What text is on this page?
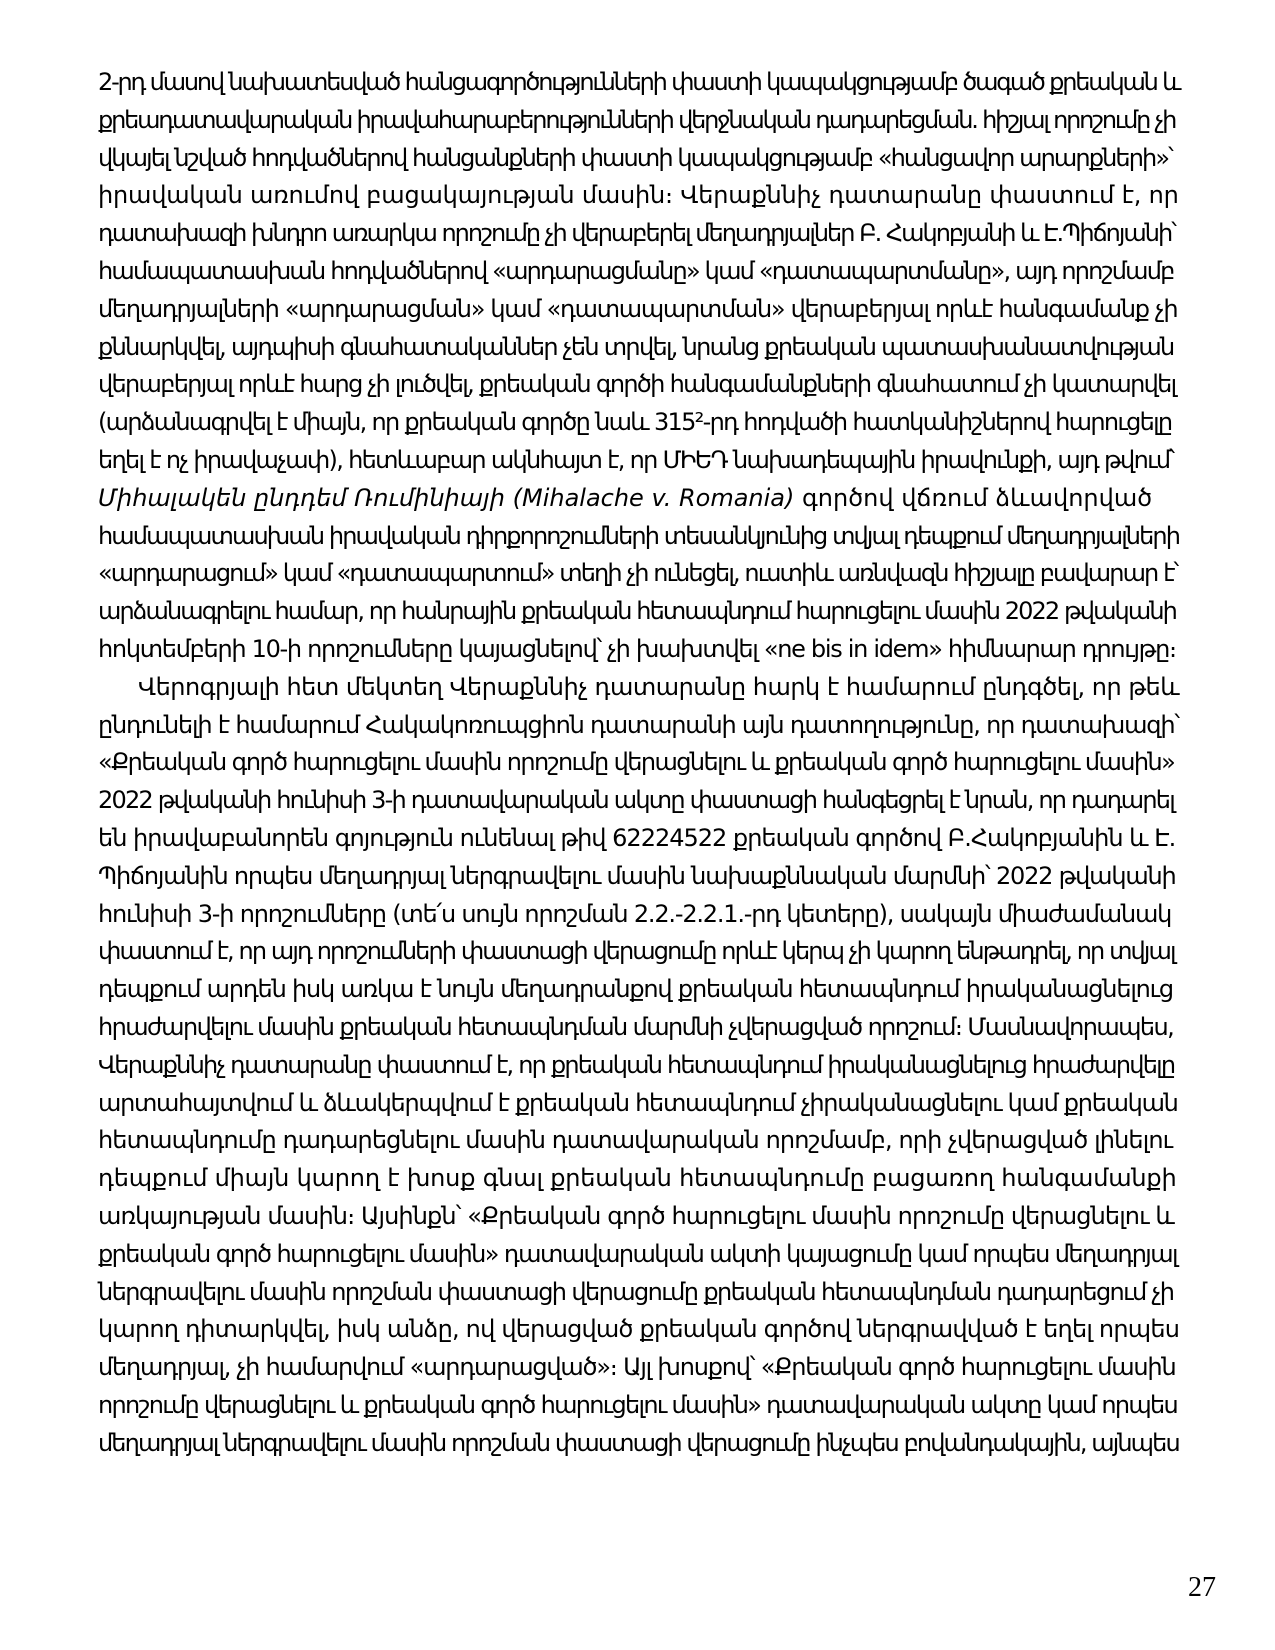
2-րդ մասով նախատեսված հանցագործությունների փաստի կապակցությամբ ծագած քրեական և
քրեադատավարական իրավահարաբերությունների վերջնական դադարեցման. հիշյալ որոշումը չի
վկայել նշված հոդվածներով հանցանքների փաստի կապակցությամբ «հանցավոր արարքների»՝
իրավական առումով բացակայության մասին։ Վերաքննիչ դատարանը փաստում է, որ
դատախազի խնդրո առարկա որոշումը չի վերաբերել մեղադրյալներ Բ. Հակոբյանի և Է.Պիճոյանի՝
համապատասխան հոդվածներով «արդարացմանը» կամ «դատապարտմանը», այդ որոշմամբ
մեղադրյալների «արդարացման» կամ «դատապարտման» վերաբերյալ որևէ հանգամանք չի
քննարկվել, այդպիսի գնահատականներ չեն տրվել, նրանց քրեական պատասխանատվության
վերաբերյալ որևէ հարց չի լուծվել, քրեական գործի հանգամանքների գնահատում չի կատարվել
(արձանագրվել է միայն, որ քրեական գործը նաև 315²-րդ հոդվածի հատկանիշներով հարուցելը
եղել է ոչ իրավաչափ), հետևաբար ակնհայտ է, որ ՄԻԵԴ նախադեպային իրավունքի, այդ թվում՝
Միհալակեն ընդդեմ Ռումինիայի (Mihalache v. Romania) գործով վճռում ձևավորված
համապատասխան իրավական դիրքորոշումների տեսանկյունից տվյալ դեպքում մեղադրյալների
«արդարացում» կամ «դատապարտում» տեղի չի ունեցել, ուստիև առնվազն հիշյալը բավարար է՝
արձանագրելու համար, որ հանրային քրեական հետապնդում հարուցելու մասին 2022 թվականի
հոկտեմբերի 10-ի որոշումները կայացնելով՝ չի խախտվել «ne bis in idem» հիմնարար դրույթը։
Վերոգրյալի հետ մեկտեղ Վերաքննիչ դատարանը հարկ է համարում ընդգծել, որ թեև
ընդունելի է համարում Հակակոռուպցիոն դատարանի այն դատողությունը, որ դատախազի՝
«Քրեական գործ հարուցելու մասին որոշումը վերացնելու և քրեական գործ հարուցելու մասին»
2022 թվականի հունիսի 3-ի դատավարական ակտը փաստացի հանգեցրել է նրան, որ դադարել
են իրավաբանորեն գոյություն ունենալ թիվ 62224522 քրեական գործով Բ.Հակոբյանին և Է.
Պիճոյանին որպես մեղադրյալ ներգրավելու մասին նախաքննական մարմնի՝ 2022 թվականի
հունիսի 3-ի որոշումները (տե՛ս սույն որոշման 2.2.-2.2.1.-րդ կետերը), սակայն միաժամանակ
փաստում է, որ այդ որոշումների փաստացի վերացումը որևէ կերպ չի կարող ենթադրել, որ տվյալ
դեպքում արդեն իսկ առկա է նույն մեղադրանքով քրեական հետապնդում իրականացնելուց
հրաժարվելու մասին քրեական հետապնդման մարմնի չվերացված որոշում։ Մասնավորապես,
Վերաքննիչ դատարանը փաստում է, որ քրեական հետապնդում իրականացնելուց հրաժարվելը
արտահայտվում և ձևակերպվում է քրեական հետապնդում չիրականացնելու կամ քրեական
հետապնդումը դադարեցնելու մասին դատավարական որոշմամբ, որի չվերացված լինելու
դեպքում միայն կարող է խոսք գնալ քրեական հետապնդումը բացառող հանգամանքի
առկայության մասին։ Այսինքն՝ «Քրեական գործ հարուցելու մասին որոշումը վերացնելու և
քրեական գործ հարուցելու մասին» դատավարական ակտի կայացումը կամ որպես մեղադրյալ
ներգրավելու մասին որոշման փաստացի վերացումը քրեական հետապնդման դադարեցում չի
կարող դիտարկվել, իսկ անձը, ով վերացված քրեական գործով ներգրավված է եղել որպես
մեղադրյալ, չի համարվում «արդարացված»։ Այլ խոսքով՝ «Քրեական գործ հարուցելու մասին
որոշումը վերացնելու և քրեական գործ հարուցելու մասին» դատավարական ակտը կամ որպես
մեղադրյալ ներգրավելու մասին որոշման փաստացի վերացումը ինչպես բովանդակային, այնպես
27
